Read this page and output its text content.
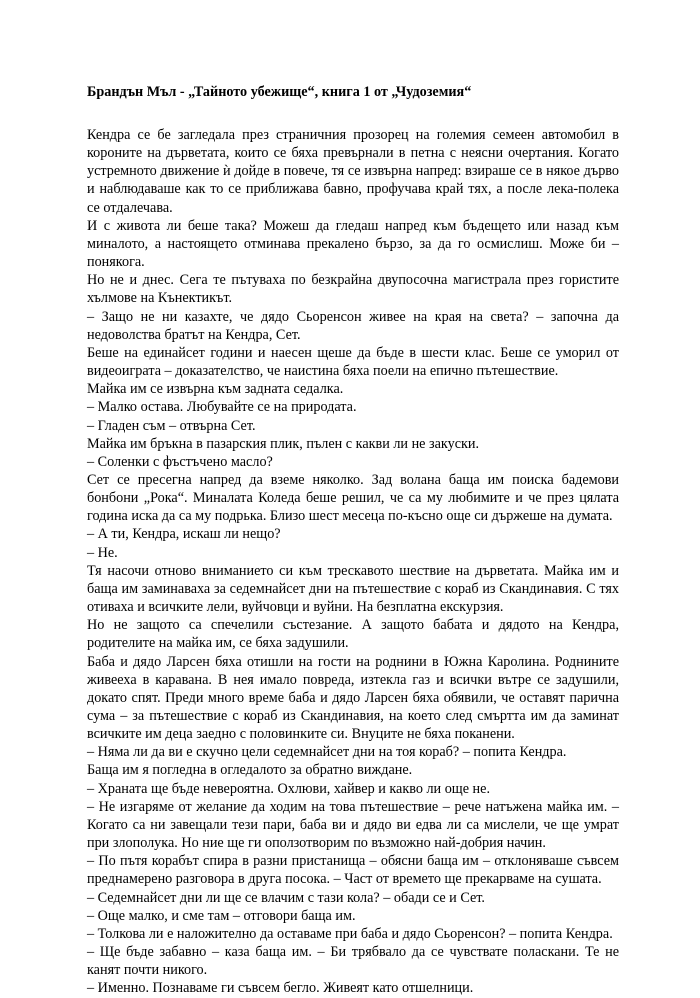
Брандън Мъл - „Тайното убежище“, книга 1 от „Чудоземия“

Кендра се бе загледала през страничния прозорец на големия семеен автомобил в короните на дърветата, които се бяха превърнали в петна с неясни очертания. Когато устремното движение ѝ дойде в повече, тя се извърна напред: взираше се в някое дърво и наблюдаваше как то се приближава бавно, профучава край тях, а после лека-полека се отдалечава.

И с живота ли беше така? Можеш да гледаш напред към бъдещето или назад към миналото, а настоящето отминава прекалено бързо, за да го осмислиш. Може би – понякога.

Но не и днес. Сега те пътуваха по безкрайна двупосочна магистрала през гористите хълмове на Кънектикът.

– Защо не ни казахте, че дядо Сьоренсон живее на края на света? – започна да недоволства братът на Кендра, Сет.

Беше на единайсет години и наесен щеше да бъде в шести клас. Беше се уморил от видеоиграта – доказателство, че наистина бяха поели на епично пътешествие.

Майка им се извърна към задната седалка.

– Малко остава. Любувайте се на природата.

– Гладен съм – отвърна Сет.

Майка им бръкна в пазарския плик, пълен с какви ли не закуски.

– Соленки с фъстъчено масло?

Сет се пресегна напред да вземе няколко. Зад волана баща им поиска бадемови бонбони „Рока“. Миналата Коледа беше решил, че са му любимите и че през цялата година иска да са му подрька. Близо шест месеца по-късно още си държеше на думата.

– А ти, Кендра, искаш ли нещо?

– Не.

Тя насочи отново вниманието си към трескавото шествие на дърветата. Майка им и баща им заминаваха за седемнайсет дни на пътешествие с кораб из Скандинавия. С тях отиваха и всичките лели, вуйчовци и вуйни. На безплатна екскурзия.

Но не защото са спечелили състезание. А защото бабата и дядото на Кендра, родителите на майка им, се бяха задушили.

Баба и дядо Ларсен бяха отишли на гости на роднини в Южна Каролина. Роднините живееха в каравана. В нея имало повреда, изтекла газ и всички вътре се задушили, докато спят. Преди много време баба и дядо Ларсен бяха обявили, че оставят парична сума – за пътешествие с кораб из Скандинавия, на което след смъртта им да заминат всичките им деца заедно с половинките си. Внуците не бяха поканени.

– Няма ли да ви е скучно цели седемнайсет дни на тоя кораб? – попита Кендра.

Баща им я погледна в огледалото за обратно виждане.

– Храната ще бъде невероятна. Охлюви, хайвер и какво ли още не.

– Не изгаряме от желание да ходим на това пътешествие – рече натъжена майка им. – Когато са ни завещали тези пари, баба ви и дядо ви едва ли са мислели, че ще умрат при злополука. Но ние ще ги оползотворим по възможно най-добрия начин.

– По пътя корабът спира в разни пристанища – обясни баща им – отклоняваше съвсем преднамерено разговора в друга посока. – Част от времето ще прекарваме на сушата.

– Седемнайсет дни ли ще се влачим с тази кола? – обади се и Сет.

– Още малко, и сме там – отговори баща им.

– Толкова ли е наложително да оставаме при баба и дядо Сьоренсон? – попита Кендра.

– Ще бъде забавно – каза баща им. – Би трябвало да се чувствате поласкани. Те не канят почти никого.

– Именно. Познаваме ги съвсем бегло. Живеят като отшелници.
